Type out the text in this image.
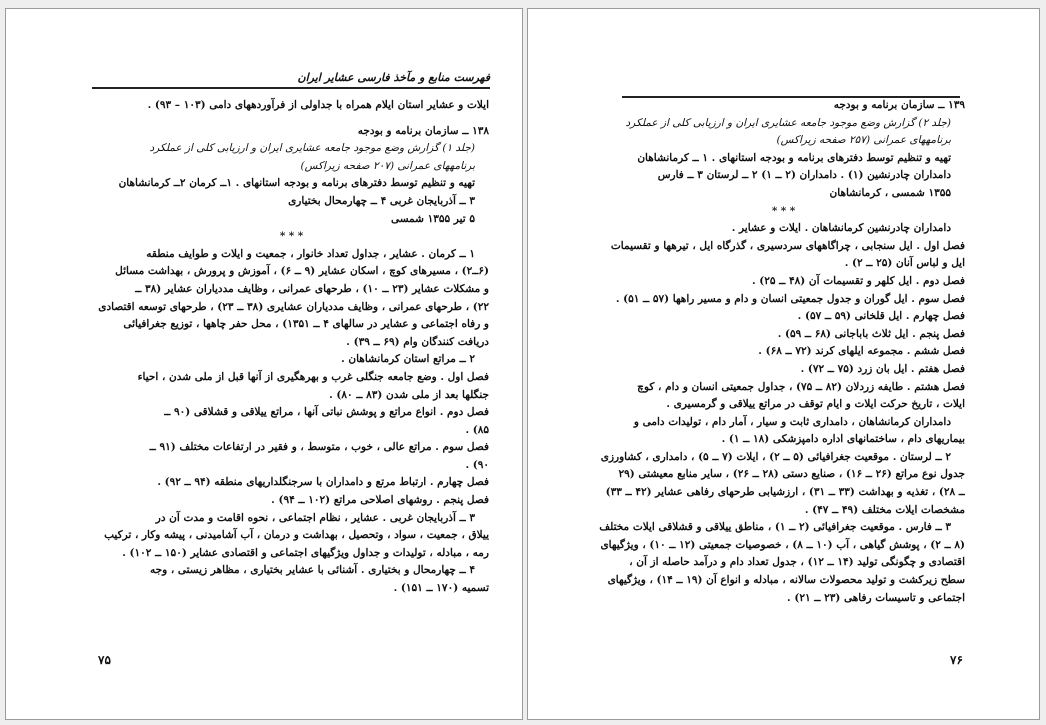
فهرست منابع و مآخذ فارسی عشایر ایران
ایلات و عشایر استان ایلام همراه با جداولی از فرآوردههای دامی (۱۰۳ – ۹۳) .
۱۳۸ ــ سازمان برنامه و بودجه
(جلد ۱) گزارش وضع موجود جامعه عشایری ایران و ارزیابی کلی از عملکرد
برنامههای عمرانی (۲۰۷ صفحه زیراکس)
تهیه و تنظیم توسط دفترهای برنامه و بودجه استانهای . ۱ــ کرمان ۲ــ کرمانشاهان
۳ ــ آذربایجان غربی ۴ ــ چهارمحال بختیاری
۵ تیر ۱۳۵۵ شمسی
* * *
۱ ــ کرمان . عشایر ، جداول تعداد خانوار ، جمعیت و ایلات و طوایف منطقه
(۶ــ۲) ، مسیرهای کوچ ، اسکان عشایر (۹ ــ ۶) ، آموزش و پرورش ، بهداشت مسائل
و مشکلات عشایر (۲۳ ــ ۱۰) ، طرحهای عمرانی ، وظایف مددیاران عشایر (۳۸ ــ
۲۲) ، طرحهای عمرانی ، وظایف مددیاران عشایری (۳۸ ــ ۲۳) ، طرحهای توسعه اقتصادی
و رفاه اجتماعی و عشایر در سالهای ۴ ــ ۱۳۵۱) ، محل حفر چاهها ، توزیع جغرافیائی
دریافت کنندگان وام (۶۹ ــ ۳۹) .
۲ ــ مراتع استان کرمانشاهان .
فصل اول . وضع جامعه جنگلی غرب و بهرهگیری از آنها قبل از ملی شدن ، احیاء
جنگلها بعد از ملی شدن (۸۳ ــ ۸۰) .
فصل دوم . انواع مراتع و پوشش نباتی آنها ، مراتع ییلاقی و قشلاقی (۹۰ ــ
۸۵) .
فصل سوم . مراتع عالی ، خوب ، متوسط ، و فقیر در ارتفاعات مختلف (۹۱ ــ
۹۰) .
فصل چهارم . ارتباط مرتع و دامداران با سرجنگلداریهای منطقه (۹۴ ــ ۹۲) .
فصل پنجم . روشهای اصلاحی مراتع (۱۰۲ ــ ۹۴) .
۳ ــ آذربایجان غربی . عشایر ، نظام اجتماعی ، نحوه اقامت و مدت آن در
ییلاق ، جمعیت ، سواد ، وتحصیل ، بهداشت و درمان ، آب آشامیدنی ، پیشه وکار ، ترکیب
رمه ، مبادله ، تولیدات و جداول ویژگیهای اجتماعی و اقتصادی عشایر (۱۵۰ ــ ۱۰۲) .
۴ ــ چهارمحال و بختیاری . آشنائی با عشایر بختیاری ، مظاهر زیستی ، وجه
تسمیه (۱۷۰ ــ ۱۵۱) .
۷۵
۱۳۹ ــ سازمان برنامه و بودجه
(جلد ۲) گزارش وضع موجود جامعه عشایری ایران و ارزیابی کلی از عملکرد
برنامههای عمرانی (۲۵۷ صفحه زیراکس)
تهیه و تنظیم توسط دفترهای برنامه و بودجه استانهای . ۱ ــ کرمانشاهان
دامداران چادرنشین (۱) . دامداران (۲ ــ ۱) ۲ ــ لرستان ۳ ــ فارس
۱۳۵۵ شمسی ، کرمانشاهان
* * *
دامداران چادرنشین کرمانشاهان . ایلات و عشایر .
فصل اول . ایل سنجابی ، چراگاههای سردسیری ، گذرگاه ایل ، تیرهها و تقسیمات
ایل و لباس آنان (۲۵ ــ ۲) .
فصل دوم . ایل کلهر و تقسیمات آن (۴۸ ــ ۲۵) .
فصل سوم . ایل گوران و جدول جمعیتی انسان و دام و مسیر راهها (۵۷ ــ ۵۱) .
فصل چهارم . ایل قلخانی (۵۹ ــ ۵۷) .
فصل پنجم . ایل ثلاث باباجانی (۶۸ ــ ۵۹) .
فصل ششم . مجموعه ایلهای کرند (۷۲ ــ ۶۸) .
فصل هفتم . ایل بان زرد (۷۵ ــ ۷۲) .
فصل هشتم . طایفه زردلان (۸۲ ــ ۷۵) ، جداول جمعیتی انسان و دام ، کوچ
ایلات ، تاریخ حرکت ایلات و ایام توقف در مراتع ییلاقی و گرمسیری .
دامداران کرمانشاهان ، دامداری ثابت و سیار ، آمار دام ، تولیدات دامی و
بیماریهای دام ، ساختمانهای اداره دامپزشکی (۱۸ ــ ۱) .
۲ ــ لرستان . موقعیت جغرافیائی (۵ ــ ۲) ، ایلات (۷ ــ ۵) ، دامداری ، کشاورزی
جدول نوع مراتع (۲۶ ــ ۱۶) ، صنایع دستی (۲۸ ــ ۲۶) ، سایر منابع معیشتی (۲۹
ــ ۲۸) ، تغذیه و بهداشت (۳۳ ــ ۳۱) ، ارزشیابی طرحهای رفاهی عشایر (۴۲ ــ ۳۳)
مشخصات ایلات مختلف (۴۹ ــ ۴۷) .
۳ ــ فارس . موقعیت جغرافیائی (۲ ــ ۱) ، مناطق ییلاقی و قشلاقی ایلات مختلف
(۸ ــ ۲) ، پوشش گیاهی ، آب (۱۰ ــ ۸) ، خصوصیات جمعیتی (۱۲ ــ ۱۰) ، ویژگیهای
اقتصادی و چگونگی تولید (۱۴ ــ ۱۲) ، جدول تعداد دام و درآمد حاصله از آن ،
سطح زیرکشت و تولید محصولات سالانه ، مبادله و انواع آن (۱۹ ــ ۱۴) ، ویژگیهای
اجتماعی و تاسیسات رفاهی (۲۳ ــ ۲۱) .
۷۶
